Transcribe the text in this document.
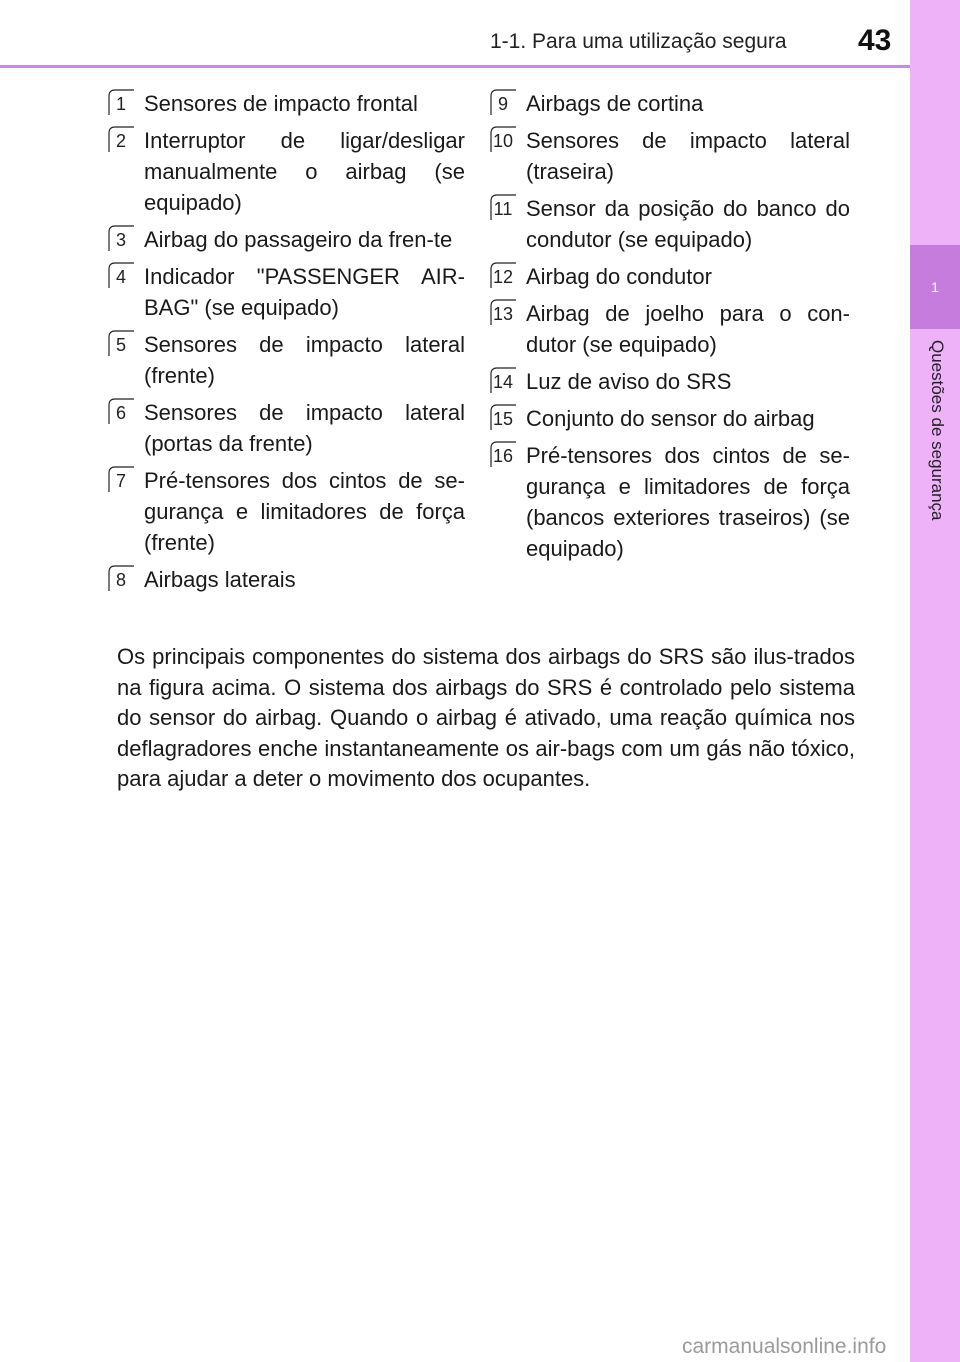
1-1. Para uma utilização segura 43
1
Questões de segurança
1 Sensores de impacto frontal
2 Interruptor de ligar/desligar manualmente o airbag (se equipado)
3 Airbag do passageiro da fren-te
4 Indicador "PASSENGER AIR-BAG" (se equipado)
5 Sensores de impacto lateral (frente)
6 Sensores de impacto lateral (portas da frente)
7 Pré-tensores dos cintos de se-gurança e limitadores de força (frente)
8 Airbags laterais
9 Airbags de cortina
10 Sensores de impacto lateral (traseira)
11 Sensor da posição do banco do condutor (se equipado)
12 Airbag do condutor
13 Airbag de joelho para o con-dutor (se equipado)
14 Luz de aviso do SRS
15 Conjunto do sensor do airbag
16 Pré-tensores dos cintos de se-gurança e limitadores de força (bancos exteriores traseiros) (se equipado)
Os principais componentes do sistema dos airbags do SRS são ilus-trados na figura acima. O sistema dos airbags do SRS é controlado pelo sistema do sensor do airbag. Quando o airbag é ativado, uma reação química nos deflagradores enche instantaneamente os air-bags com um gás não tóxico, para ajudar a deter o movimento dos ocupantes.
carmanualsonline.info
